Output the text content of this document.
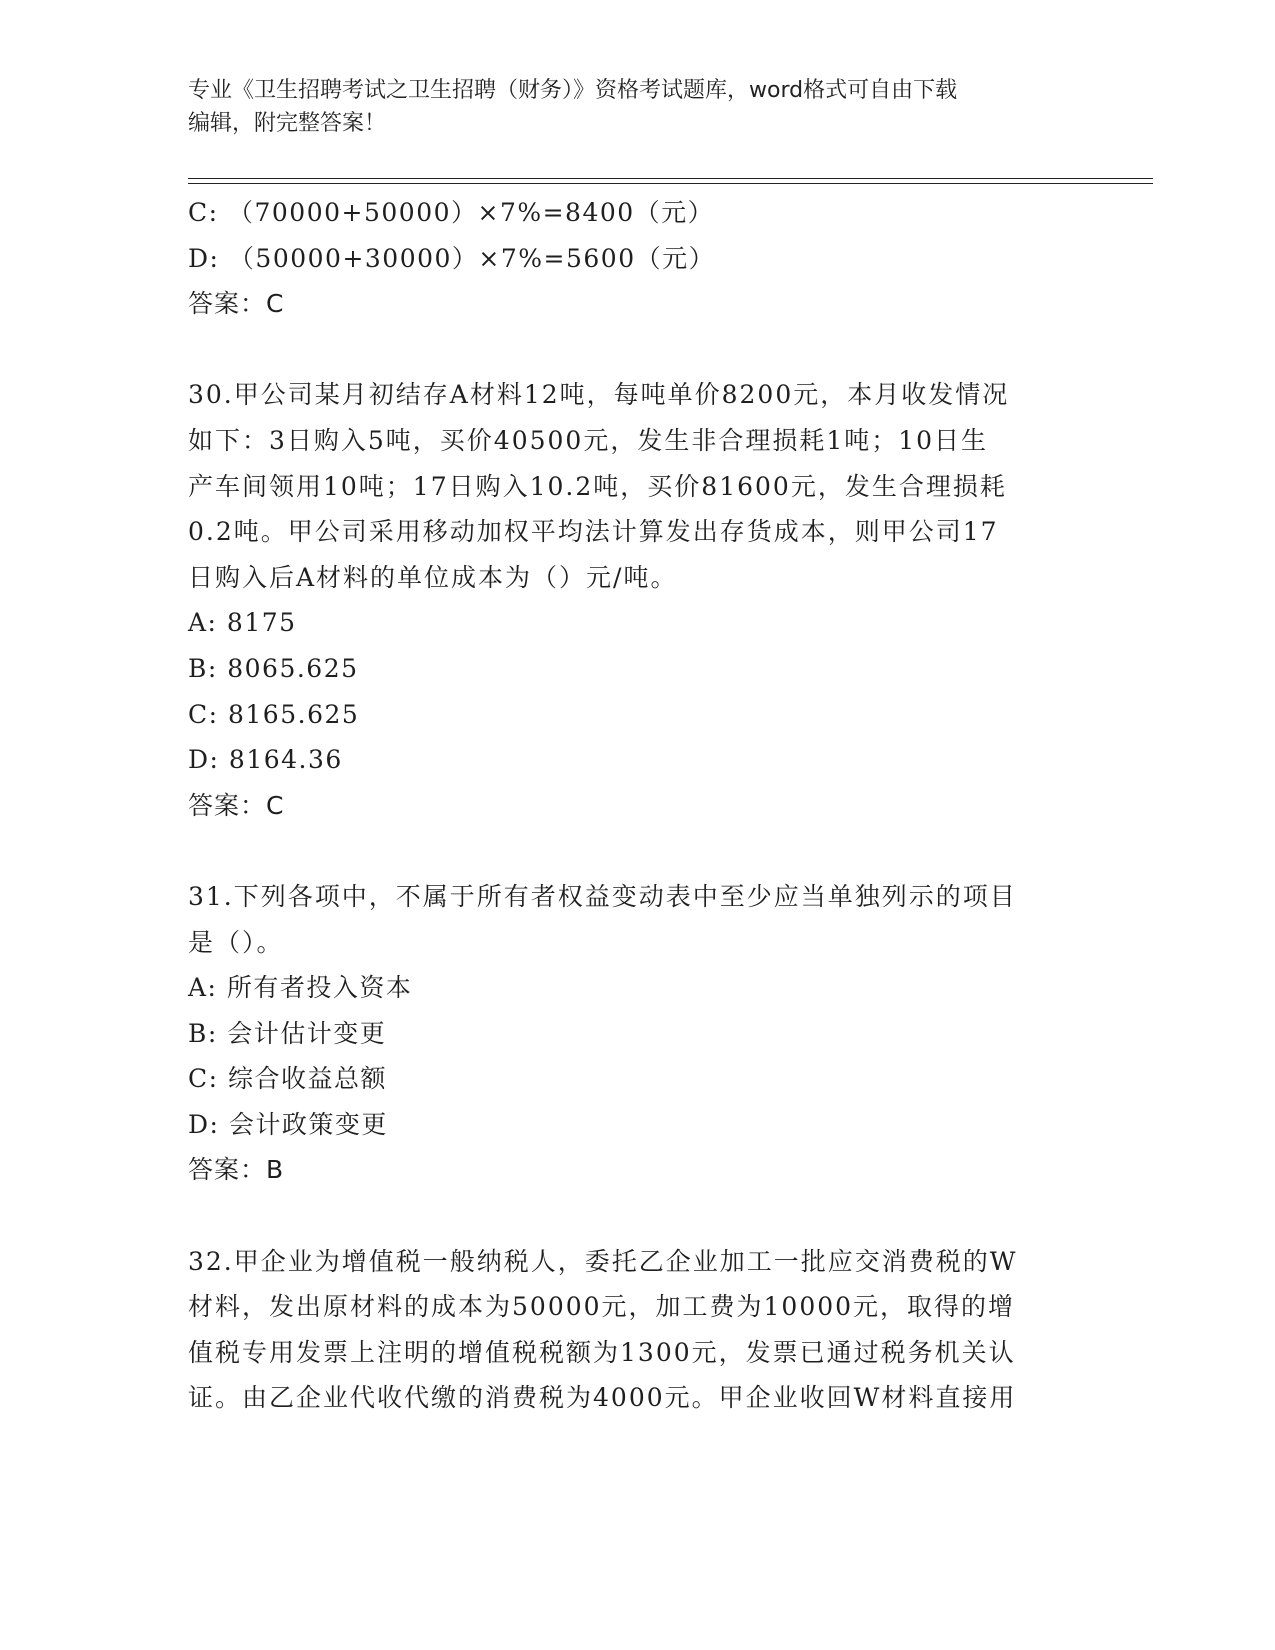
专业《卫生招聘考试之卫生招聘（财务）》资格考试题库，word格式可自由下载
编辑，附完整答案！
C: （70000+50000）×7%=8400（元）
D: （50000+30000）×7%=5600（元）
答案：C
30.甲公司某月初结存A材料12吨，每吨单价8200元，本月收发情况
如下：3日购入5吨，买价40500元，发生非合理损耗1吨；10日生
产车间领用10吨；17日购入10.2吨，买价81600元，发生合理损耗
0.2吨。甲公司采用移动加权平均法计算发出存货成本，则甲公司17
日购入后A材料的单位成本为（）元/吨。
A: 8175
B: 8065.625
C: 8165.625
D: 8164.36
答案：C
31.下列各项中，不属于所有者权益变动表中至少应当单独列示的项目
是（）。
A: 所有者投入资本
B: 会计估计变更
C: 综合收益总额
D: 会计政策变更
答案：B
32.甲企业为增值税一般纳税人，委托乙企业加工一批应交消费税的W
材料，发出原材料的成本为50000元，加工费为10000元，取得的增
值税专用发票上注明的增值税税额为1300元，发票已通过税务机关认
证。由乙企业代收代缴的消费税为4000元。甲企业收回W材料直接用
